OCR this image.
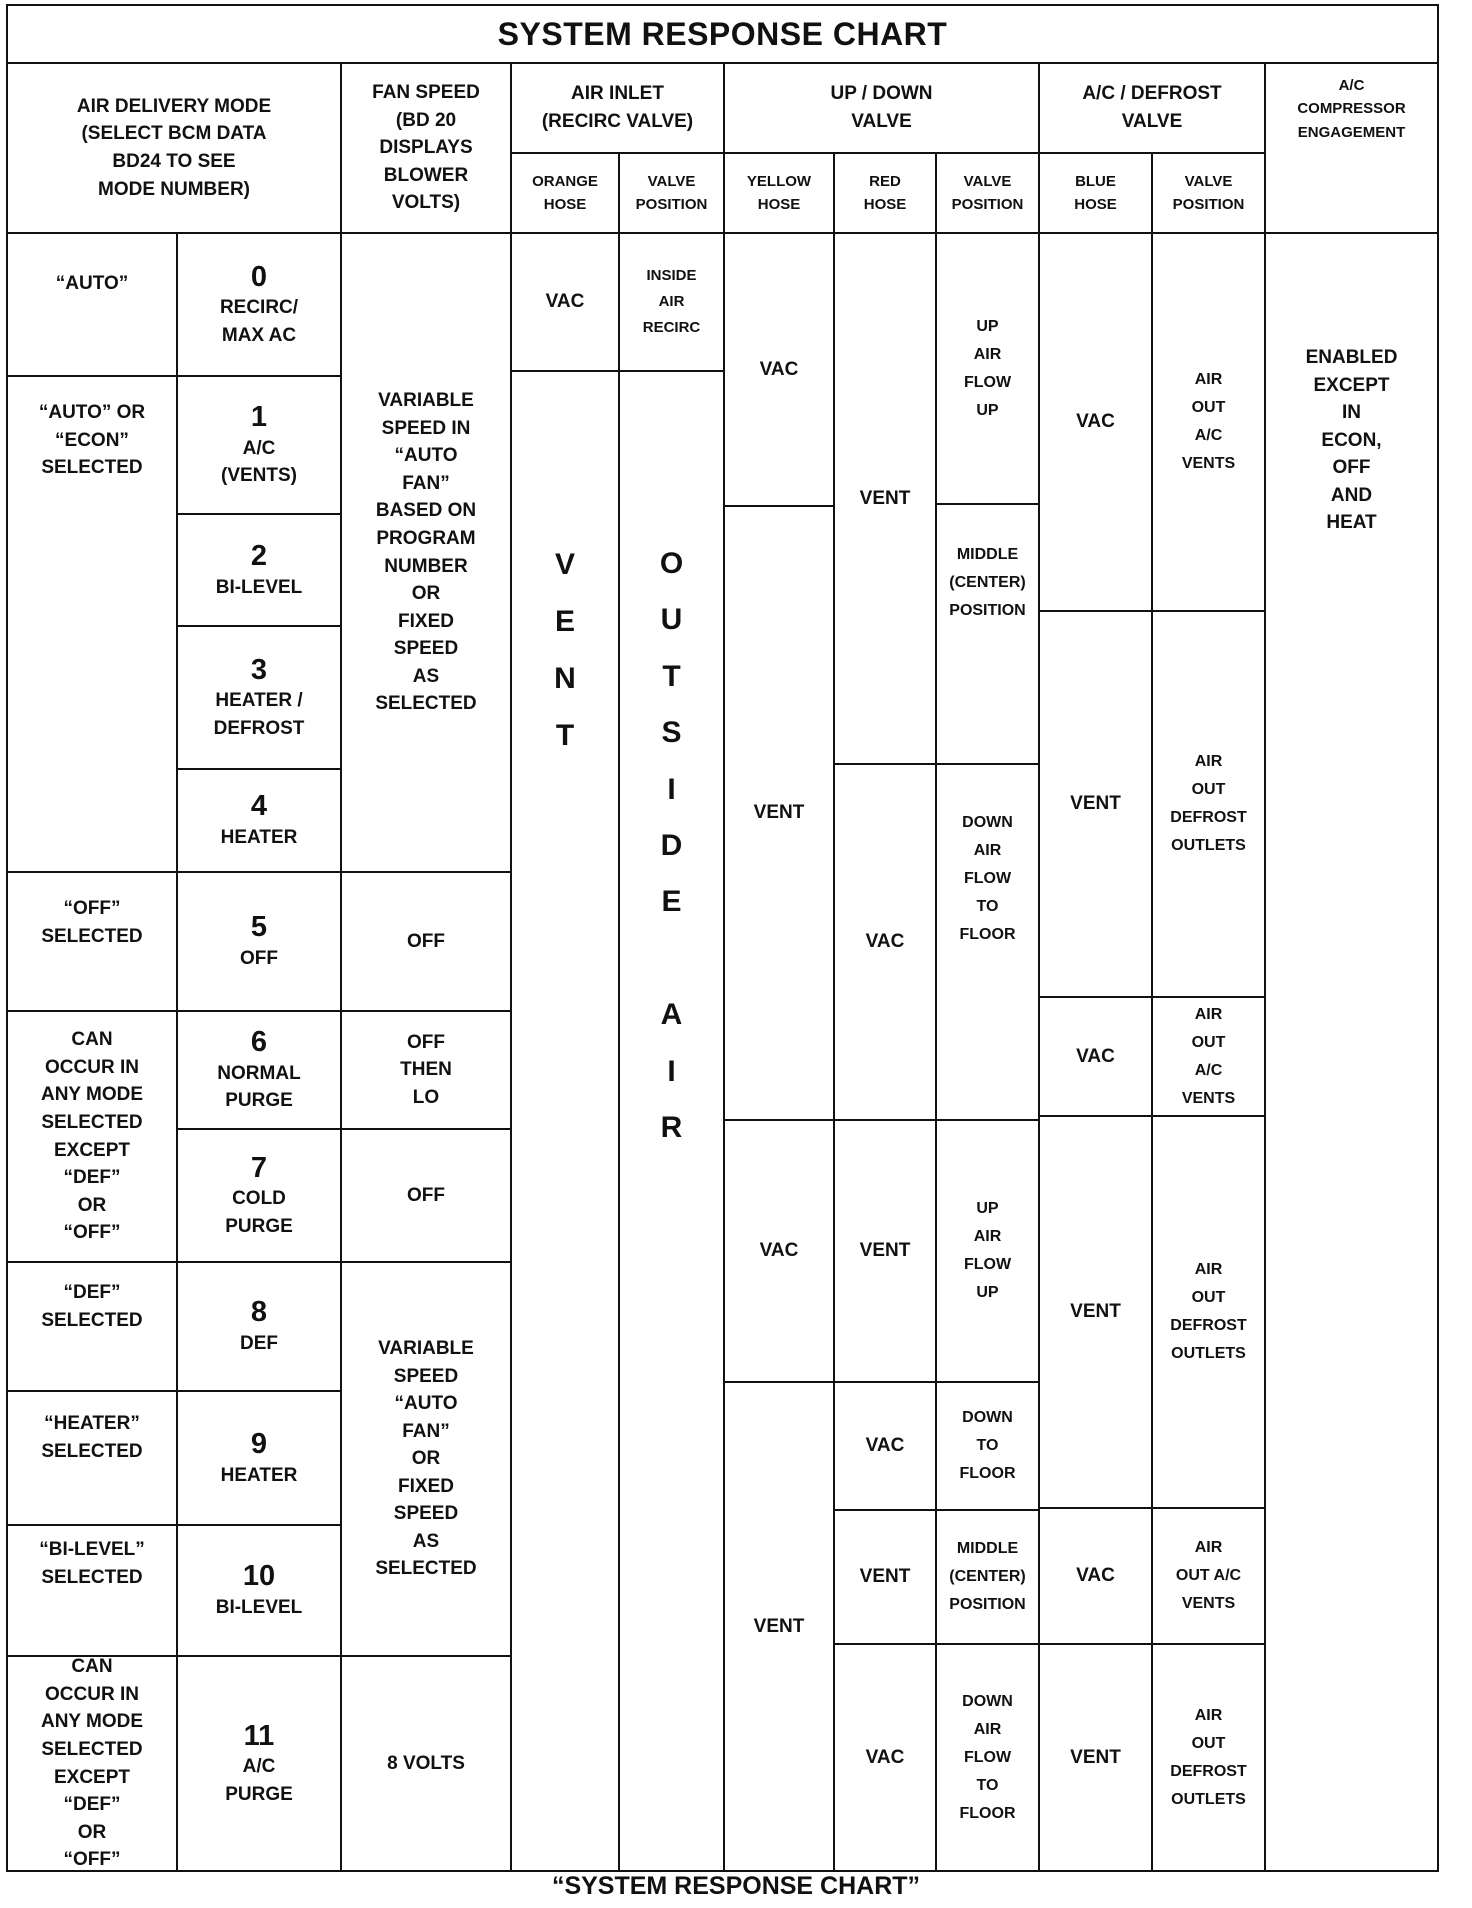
SYSTEM RESPONSE CHART
AIR DELIVERY MODE
(SELECT BCM DATA
BD24 TO SEE
MODE NUMBER)
FAN SPEED
(BD 20
DISPLAYS
BLOWER
VOLTS)
AIR INLET
(RECIRC VALVE)
UP / DOWN
VALVE
A/C / DEFROST
VALVE
A/C
COMPRESSOR
ENGAGEMENT
ORANGE
HOSE
VALVE
POSITION
YELLOW
HOSE
RED
HOSE
VALVE
POSITION
BLUE
HOSE
VALVE
POSITION
“AUTO”
“AUTO” OR
“ECON”
SELECTED
“OFF”
SELECTED
CAN
OCCUR IN
ANY MODE
SELECTED
EXCEPT
“DEF”
OR
“OFF”
“DEF”
SELECTED
“HEATER”
SELECTED
“BI-LEVEL”
SELECTED
CAN
OCCUR IN
ANY MODE
SELECTED
EXCEPT
“DEF”
OR
“OFF”
0
RECIRC/
MAX AC
1
A/C
(VENTS)
2
BI-LEVEL
3
HEATER /
DEFROST
4
HEATER
5
OFF
6
NORMAL
PURGE
7
COLD
PURGE
8
DEF
9
HEATER
10
BI-LEVEL
11
A/C
PURGE
VARIABLE
SPEED IN
“AUTO
FAN”
BASED ON
PROGRAM
NUMBER
OR
FIXED
SPEED
AS
SELECTED
OFF
OFF
THEN
LO
OFF
VARIABLE
SPEED
“AUTO
FAN”
OR
FIXED
SPEED
AS
SELECTED
8 VOLTS
VAC
INSIDE
AIR
RECIRC
V
E
N
T
O
U
T
S
I
D
E

A
I
R
VAC
VENT
VAC
VENT
VENT
VAC
VENT
VAC
VENT
VAC
UP
AIR
FLOW
UP
MIDDLE
(CENTER)
POSITION
DOWN
AIR
FLOW
TO
FLOOR
UP
AIR
FLOW
UP
DOWN
TO
FLOOR
MIDDLE
(CENTER)
POSITION
DOWN
AIR
FLOW
TO
FLOOR
VAC
VENT
VAC
VENT
VAC
VENT
AIR
OUT
A/C
VENTS
AIR
OUT
DEFROST
OUTLETS
AIR
OUT
A/C
VENTS
AIR
OUT
DEFROST
OUTLETS
AIR
OUT A/C
VENTS
AIR
OUT
DEFROST
OUTLETS
ENABLED
EXCEPT
IN
ECON,
OFF
AND
HEAT
“SYSTEM RESPONSE CHART”
